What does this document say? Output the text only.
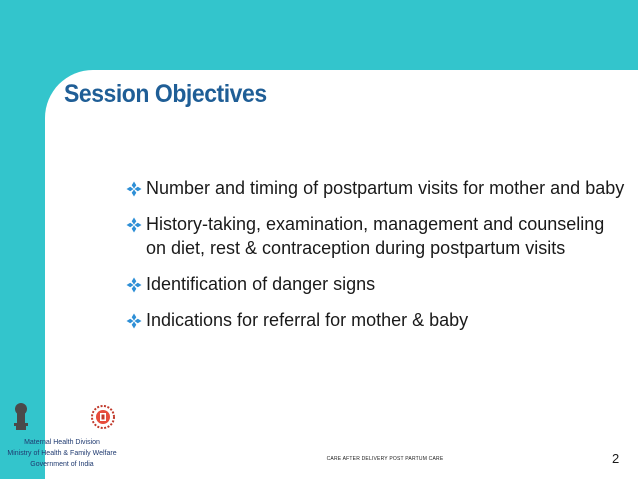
Session Objectives
Number and timing of postpartum visits for mother and baby
History-taking, examination, management and counseling on diet, rest & contraception during postpartum visits
Identification of danger signs
Indications for referral for mother & baby
Maternal Health Division
Ministry of Health & Family Welfare
Government of India
CARE AFTER DELIVERY POST PARTUM CARE	2
